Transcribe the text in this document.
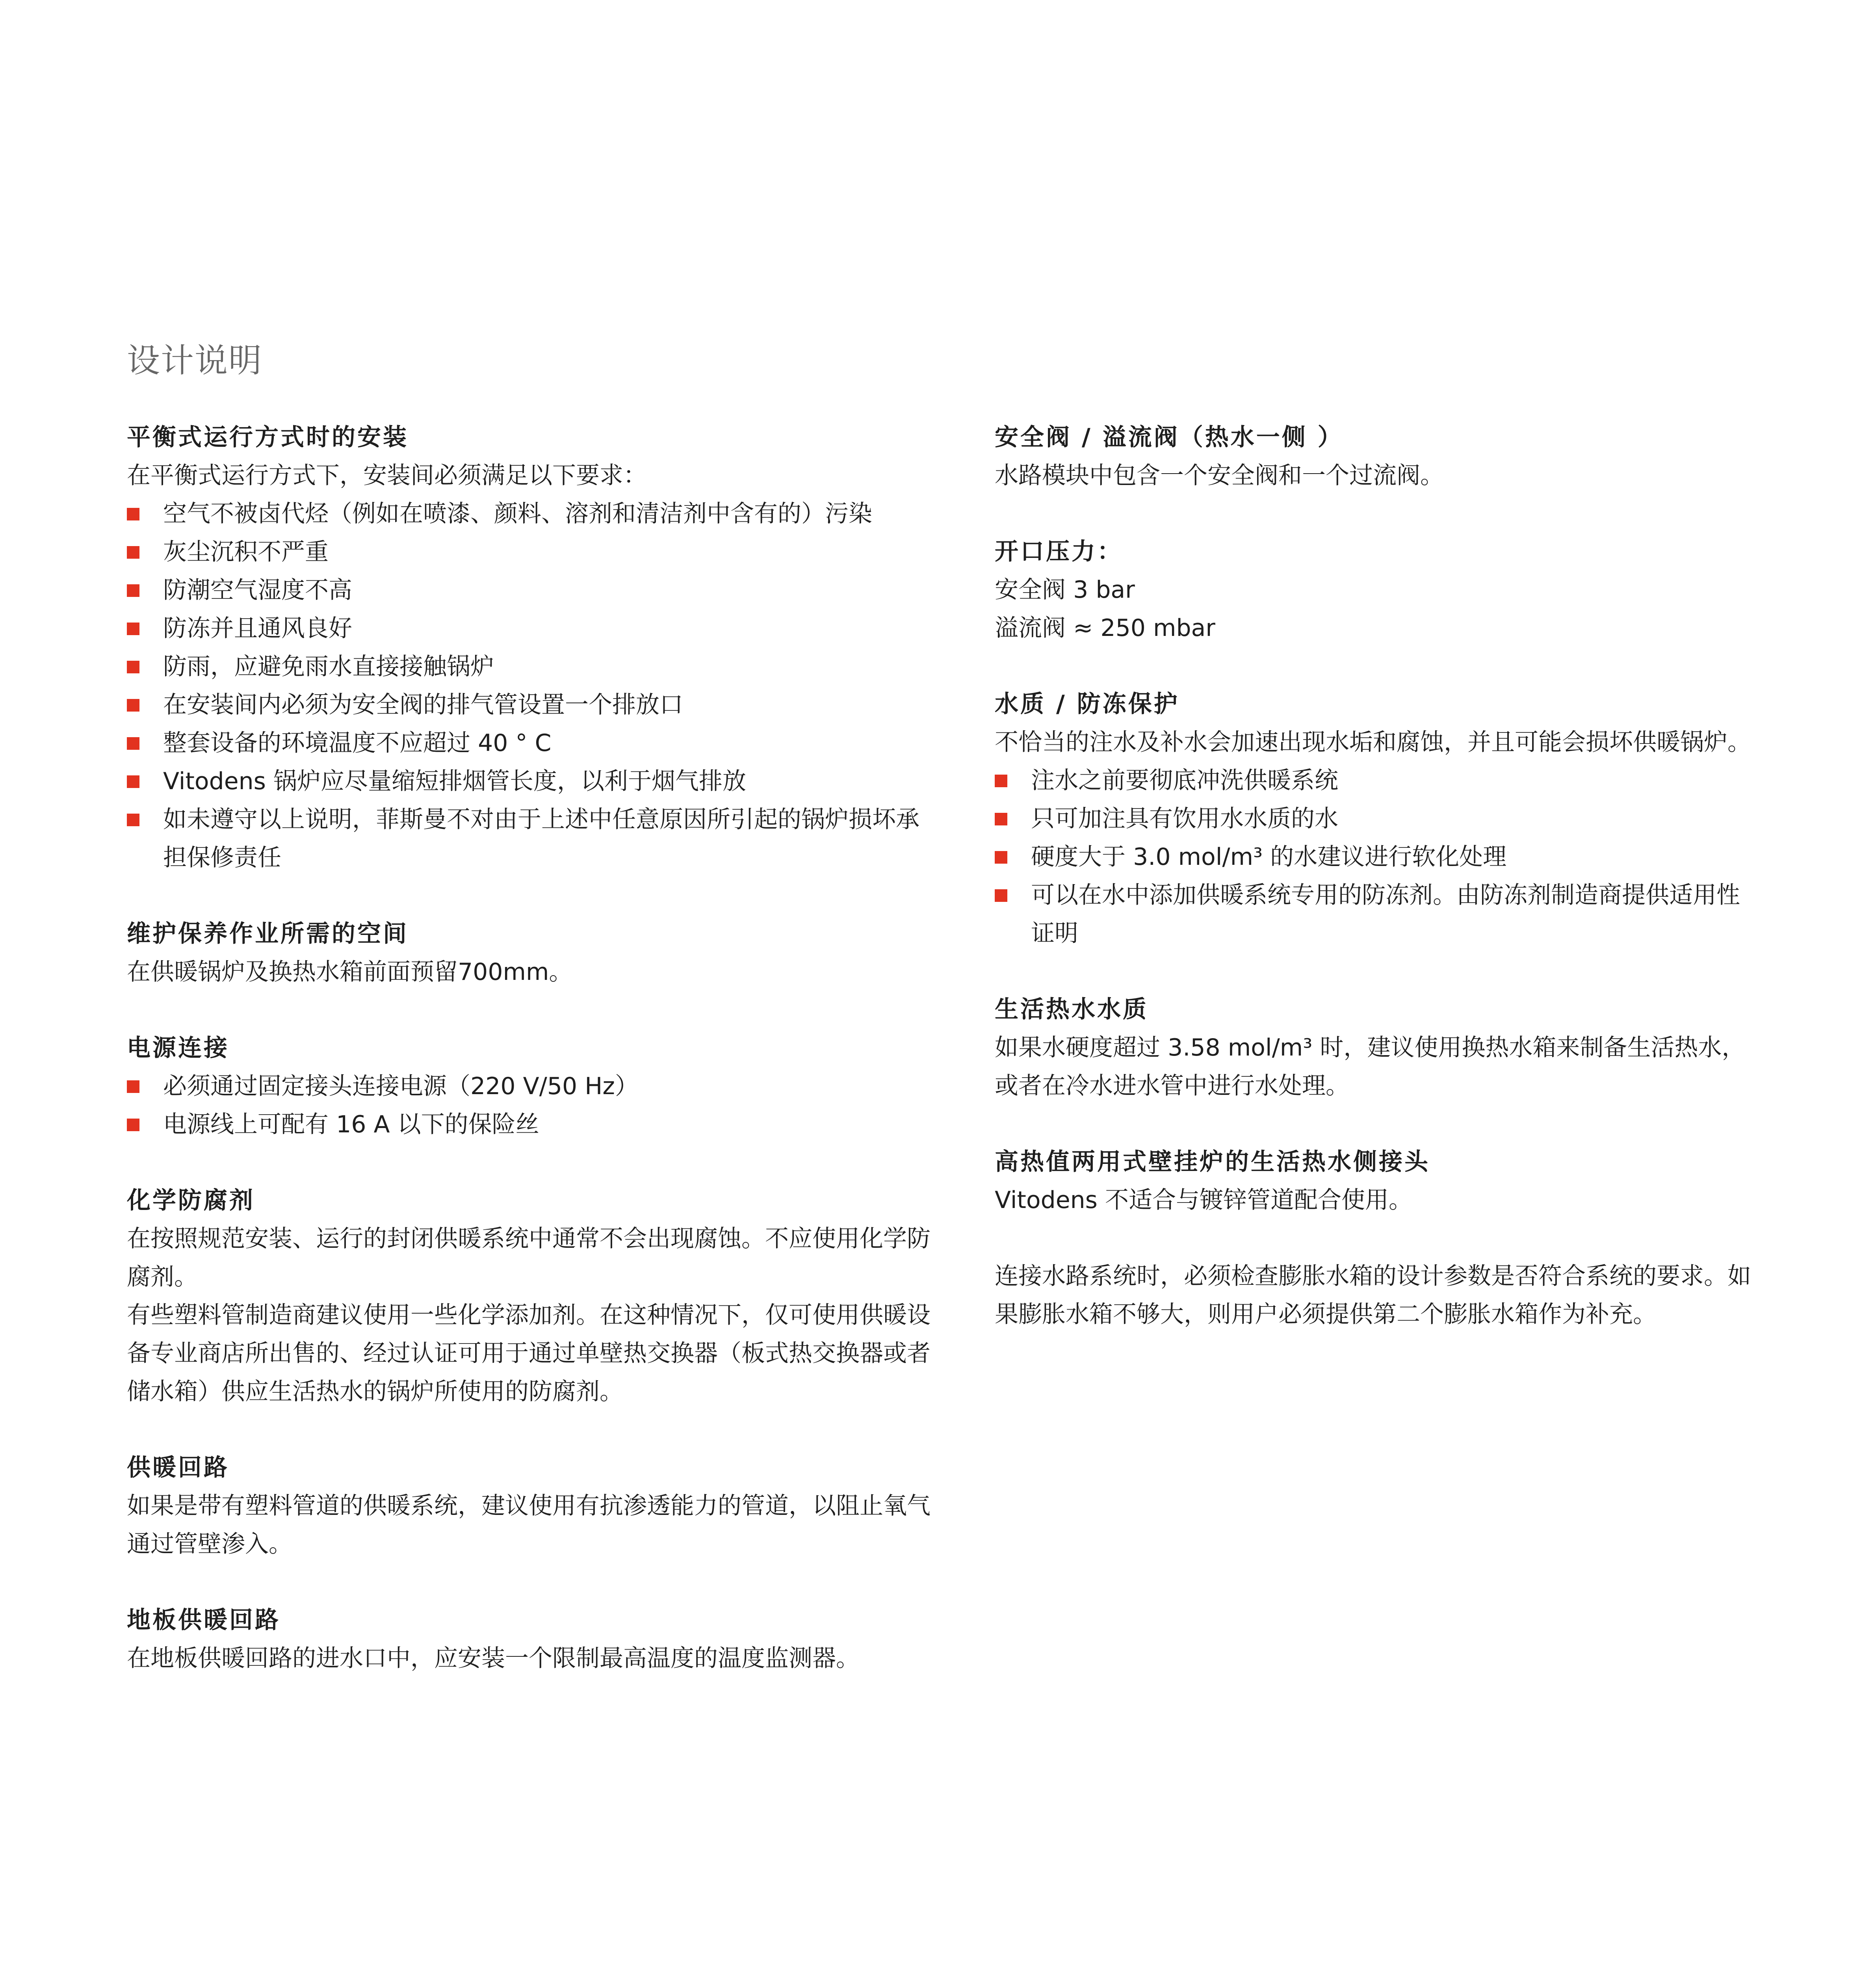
设计说明
平衡式运行方式时的安装
在平衡式运行方式下，安装间必须满足以下要求：
空气不被卤代烃（例如在喷漆、颜料、溶剂和清洁剂中含有的）污染
灰尘沉积不严重
防潮空气湿度不高
防冻并且通风良好
防雨，应避免雨水直接接触锅炉
在安装间内必须为安全阀的排气管设置一个排放口
整套设备的环境温度不应超过 40 ° C
Vitodens 锅炉应尽量缩短排烟管长度，以利于烟气排放
如未遵守以上说明，菲斯曼不对由于上述中任意原因所引起的锅炉损坏承担保修责任
维护保养作业所需的空间
在供暖锅炉及换热水箱前面预留700mm。
电源连接
必须通过固定接头连接电源（220 V/50 Hz）
电源线上可配有 16 A 以下的保险丝
化学防腐剂
在按照规范安装、运行的封闭供暖系统中通常不会出现腐蚀。不应使用化学防腐剂。
有些塑料管制造商建议使用一些化学添加剂。在这种情况下，仅可使用供暖设备专业商店所出售的、经过认证可用于通过单壁热交换器（板式热交换器或者储水箱）供应生活热水的锅炉所使用的防腐剂。
供暖回路
如果是带有塑料管道的供暖系统，建议使用有抗渗透能力的管道，以阻止氧气通过管壁渗入。
地板供暖回路
在地板供暖回路的进水口中，应安装一个限制最高温度的温度监测器。
安全阀 / 溢流阀（热水一侧 ）
水路模块中包含一个安全阀和一个过流阀。
开口压力：
安全阀 3 bar
溢流阀 ≈ 250 mbar
水质 / 防冻保护
不恰当的注水及补水会加速出现水垢和腐蚀，并且可能会损坏供暖锅炉。
注水之前要彻底冲洗供暖系统
只可加注具有饮用水水质的水
硬度大于 3.0 mol/m³ 的水建议进行软化处理
可以在水中添加供暖系统专用的防冻剂。由防冻剂制造商提供适用性证明
生活热水水质
如果水硬度超过 3.58 mol/m³ 时，建议使用换热水箱来制备生活热水，或者在冷水进水管中进行水处理。
高热值两用式壁挂炉的生活热水侧接头
Vitodens 不适合与镀锌管道配合使用。
连接水路系统时，必须检查膨胀水箱的设计参数是否符合系统的要求。如果膨胀水箱不够大，则用户必须提供第二个膨胀水箱作为补充。
